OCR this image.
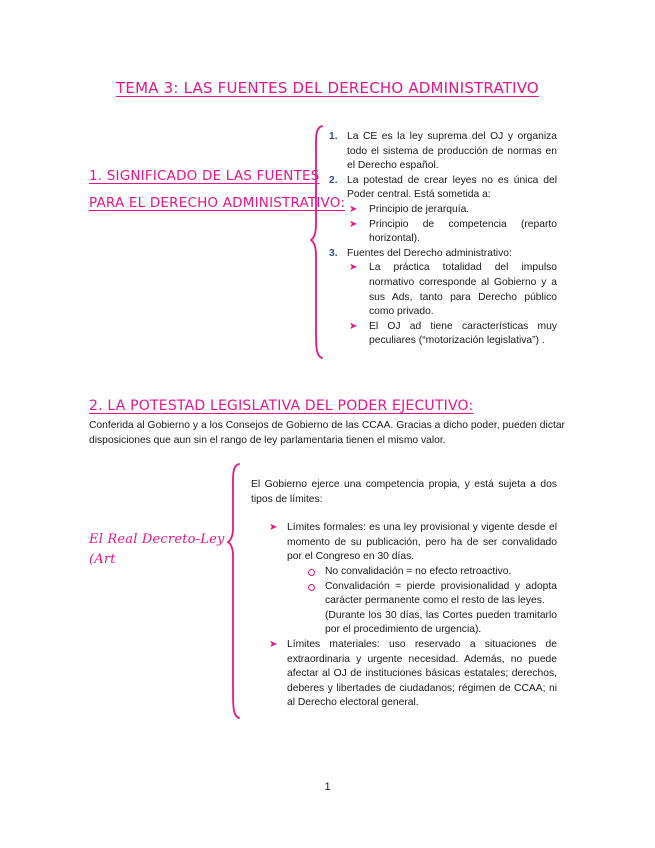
TEMA 3: LAS FUENTES DEL DERECHO ADMINISTRATIVO
1. SIGNIFICADO DE LAS FUENTES
PARA EL DERECHO ADMINISTRATIVO:
1. La CE es la ley suprema del OJ y organiza todo el sistema de producción de normas en el Derecho español.
2. La potestad de crear leyes no es única del Poder central. Está sometida a:
➤ Principio de jerarquía.
➤ Principio de competencia (reparto horizontal).
3. Fuentes del Derecho administrativo:
➤ La práctica totalidad del impulso normativo corresponde al Gobierno y a sus Ads, tanto para Derecho público como privado.
➤ El OJ ad tiene características muy peculiares (“motorización legislativa”) .
2. LA POTESTAD LEGISLATIVA DEL PODER EJECUTIVO:
Conferida al Gobierno y a los Consejos de Gobierno de las CCAA. Gracias a dicho poder, pueden dictar disposiciones que aun sin el rango de ley parlamentaria tienen el mismo valor.
El Real Decreto-Ley
(Art
El Gobierno ejerce una competencia propia, y está sujeta a dos tipos de límites:
➤ Límites formales: es una ley provisional y vigente desde el momento de su publicación, pero ha de ser convalidado por el Congreso en 30 días.
No convalidación = no efecto retroactivo.
Convalidación = pierde provisionalidad y adopta carácter permanente como el resto de las leyes.
(Durante los 30 días, las Cortes pueden tramitarlo por el procedimiento de urgencia).
➤ Límites materiales: uso reservado a situaciones de extraordinaria y urgente necesidad. Además, no puede afectar al OJ de instituciones básicas estatales; derechos, deberes y libertades de ciudadanos; régimen de CCAA; ni al Derecho electoral general.
1
